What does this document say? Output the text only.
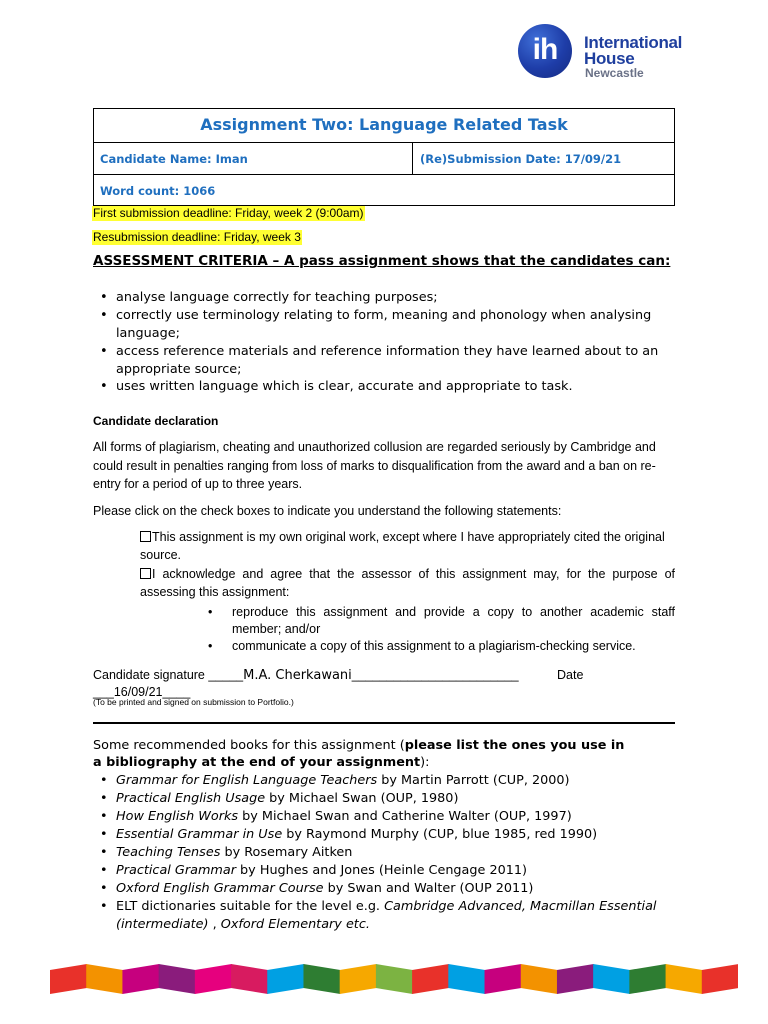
ih	International
House
Newcastle
Assignment Two: Language Related Task
Candidate Name: Iman	(Re)Submission Date: 17/09/21
Word count: 1066
First submission deadline: Friday, week 2 (9:00am)
Resubmission deadline: Friday, week 3
ASSESSMENT CRITERIA – A pass assignment shows that the candidates can:
• analyse language correctly for teaching purposes;
• correctly use terminology relating to form, meaning and phonology when analysing language;
• access reference materials and reference information they have learned about to an appropriate source;
• uses written language which is clear, accurate and appropriate to task.
Candidate declaration
All forms of plagiarism, cheating and unauthorized collusion are regarded seriously by Cambridge and could result in penalties ranging from loss of marks to disqualification from the award and a ban on re-entry for a period of up to three years.
Please click on the check boxes to indicate you understand the following statements:
This assignment is my own original work, except where I have appropriately cited the original source.
I acknowledge and agree that the assessor of this assignment may, for the purpose of assessing this assignment:
• reproduce this assignment and provide a copy to another academic staff member; and/or
• communicate a copy of this assignment to a plagiarism-checking service.
Candidate signature _____M.A. Cherkawani________________________	Date
___16/09/21____
(To be printed and signed on submission to Portfolio.)
Some recommended books for this assignment (please list the ones you use in a bibliography at the end of your assignment):
• Grammar for English Language Teachers by Martin Parrott (CUP, 2000)
• Practical English Usage by Michael Swan (OUP, 1980)
• How English Works by Michael Swan and Catherine Walter (OUP, 1997)
• Essential Grammar in Use by Raymond Murphy (CUP, blue 1985, red 1990)
• Teaching Tenses by Rosemary Aitken
• Practical Grammar by Hughes and Jones (Heinle Cengage 2011)
• Oxford English Grammar Course by Swan and Walter (OUP 2011)
• ELT dictionaries suitable for the level e.g. Cambridge Advanced, Macmillan Essential (intermediate) , Oxford Elementary etc.
